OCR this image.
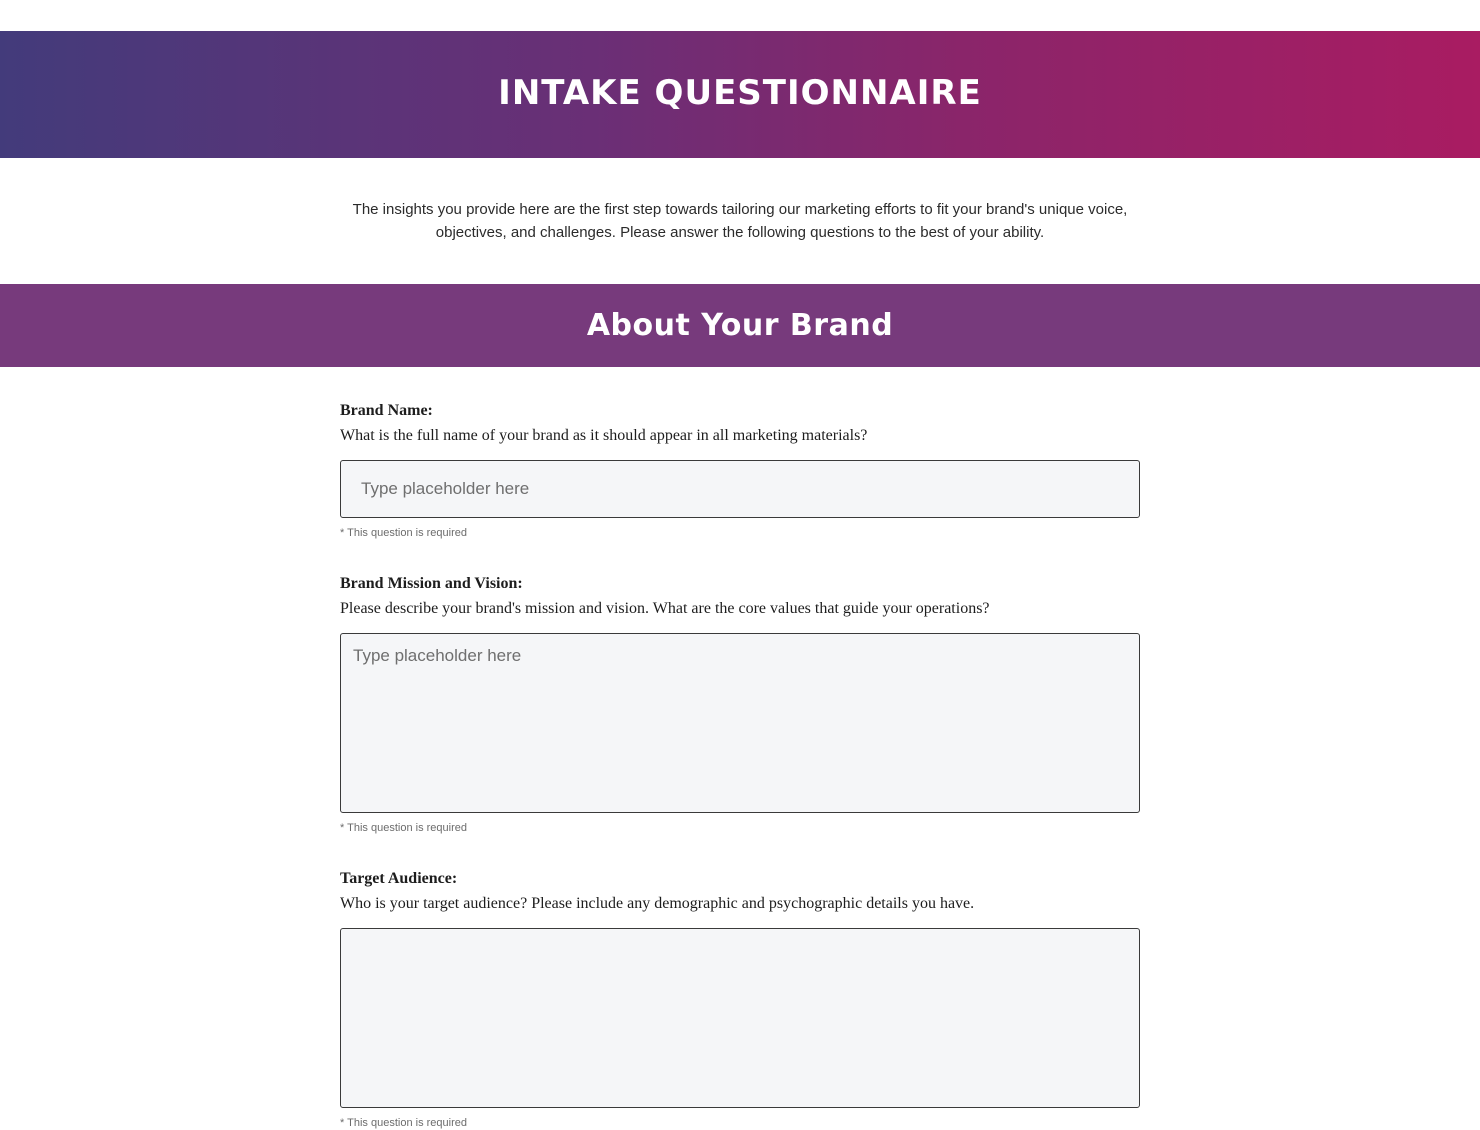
INTAKE QUESTIONNAIRE

The insights you provide here are the first step towards tailoring our marketing efforts to fit your brand's unique voice, objectives, and challenges. Please answer the following questions to the best of your ability.

About Your Brand
Brand Name:
What is the full name of your brand as it should appear in all marketing materials?
Type placeholder here
* This question is required
Brand Mission and Vision:
Please describe your brand's mission and vision. What are the core values that guide your operations?
Type placeholder here
* This question is required
Target Audience:
Who is your target audience? Please include any demographic and psychographic details you have.
* This question is required
